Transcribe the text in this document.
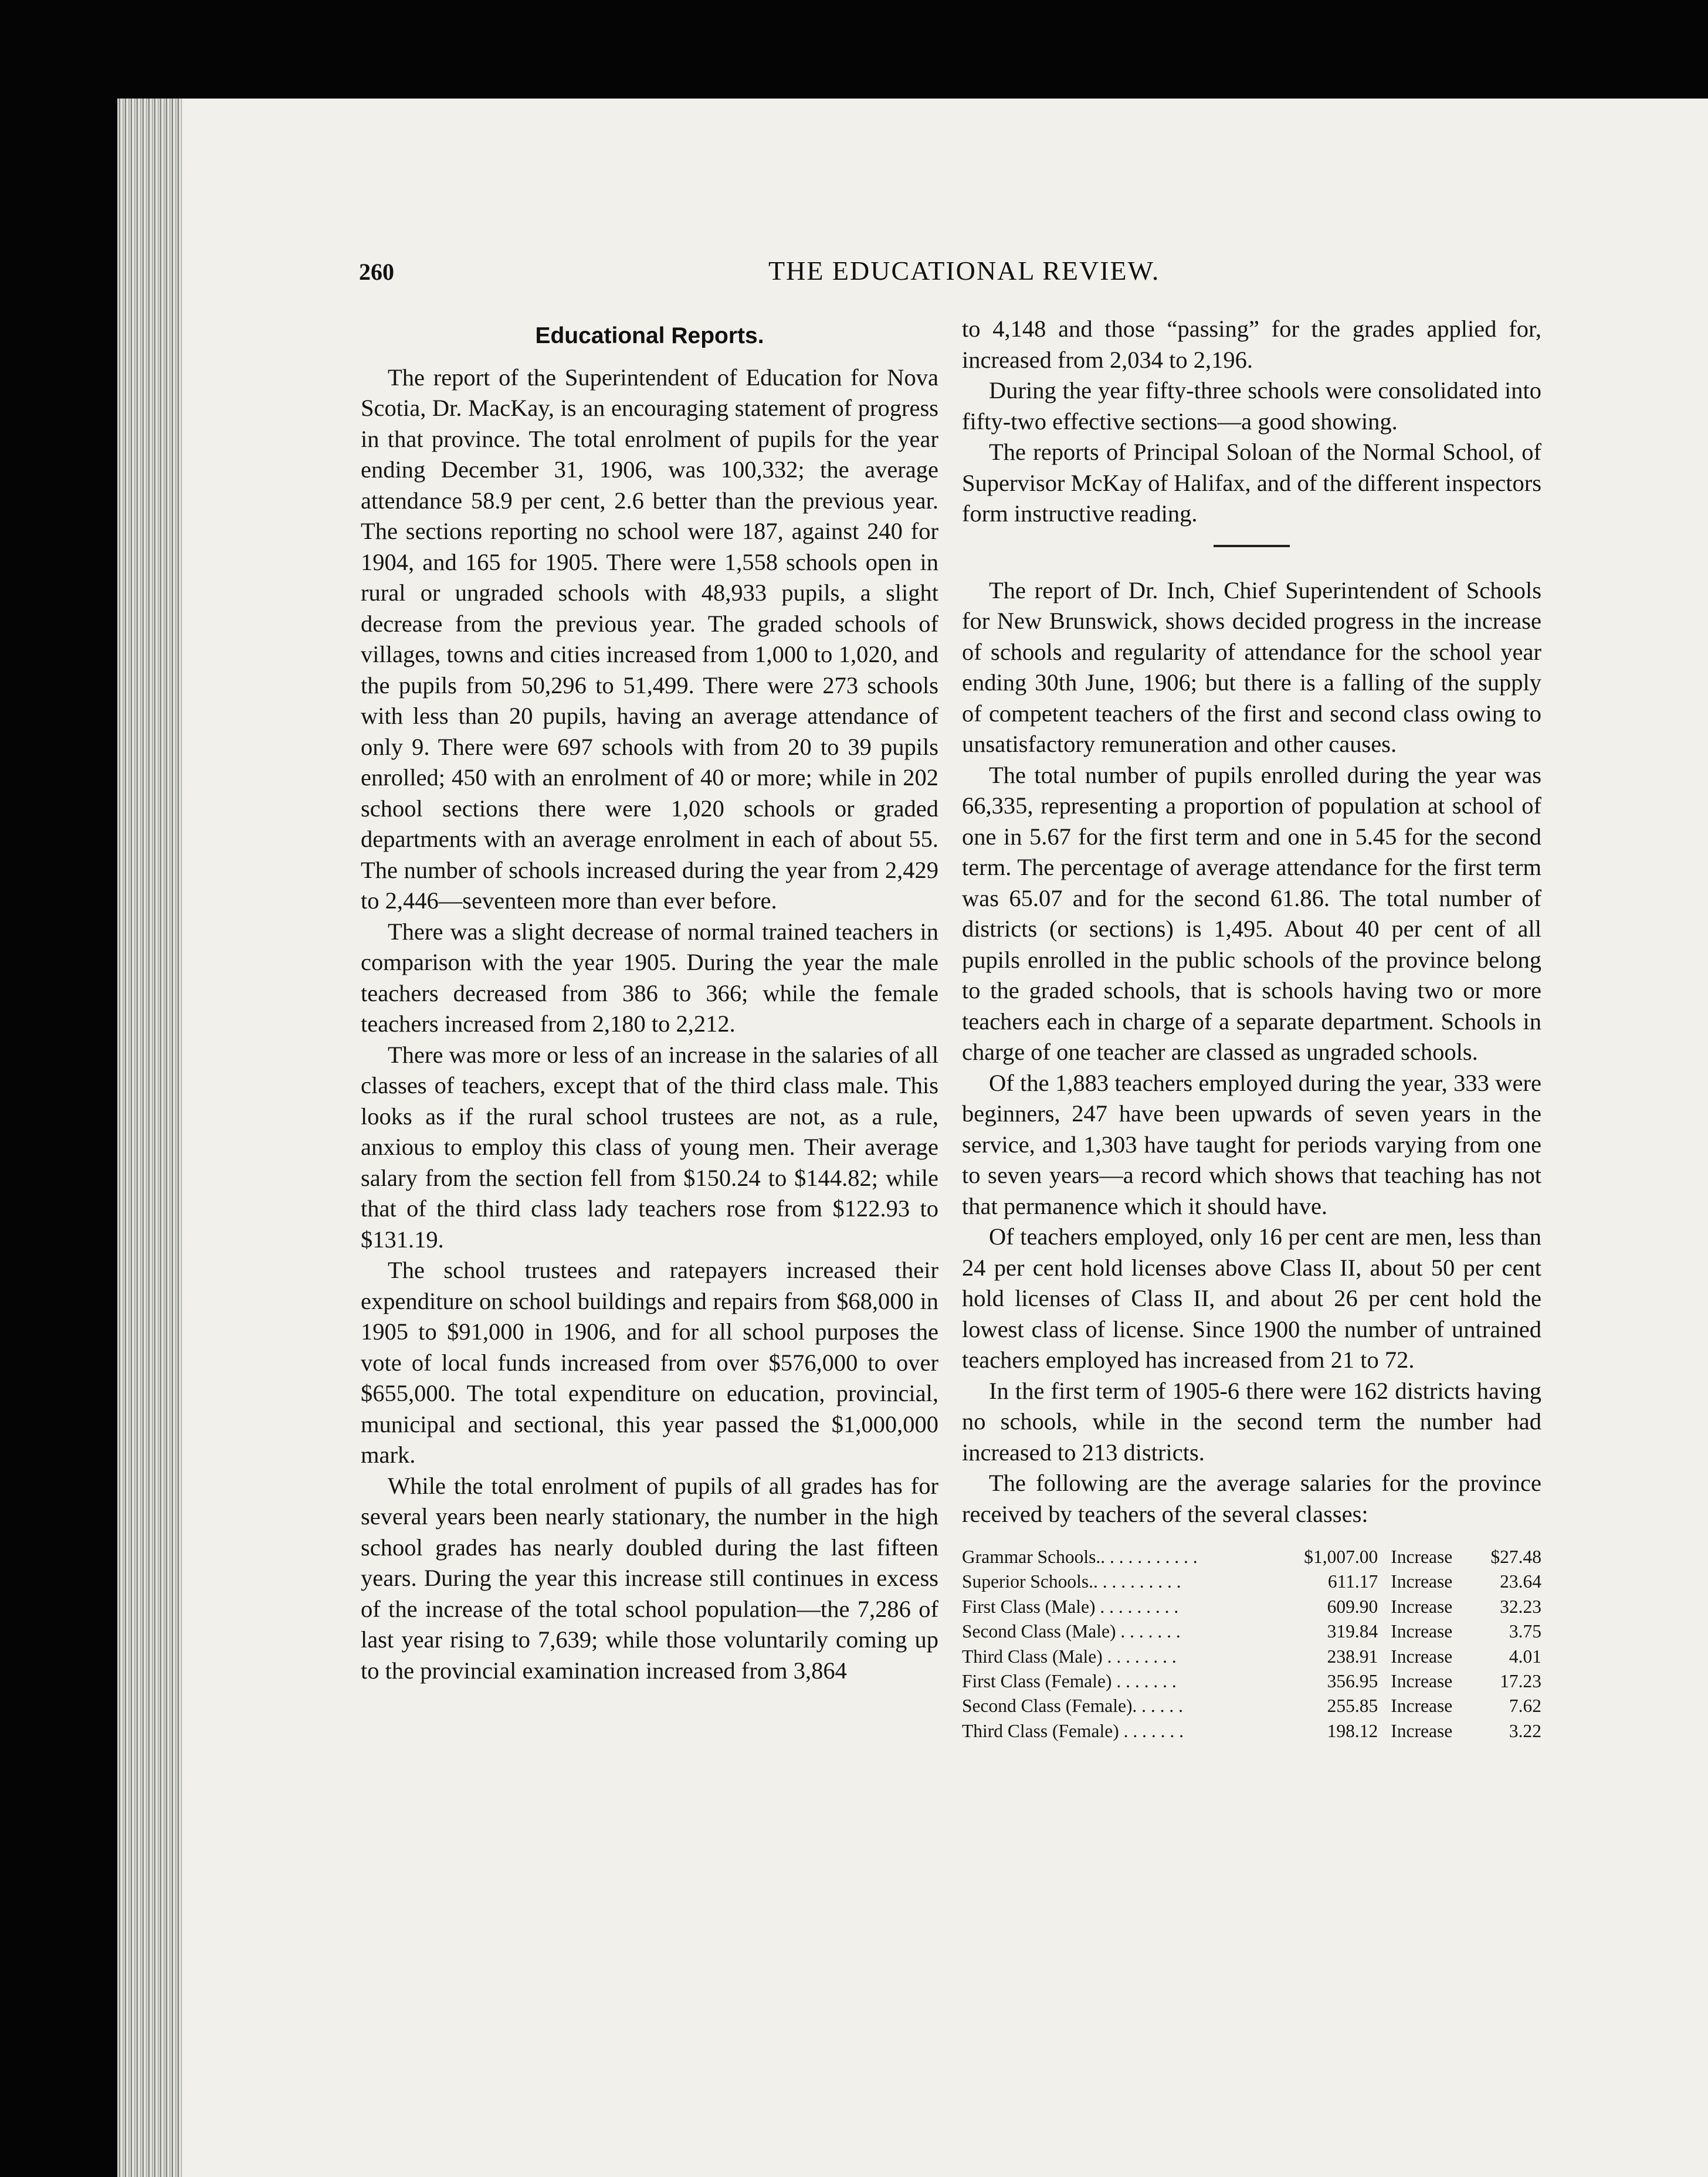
260	THE EDUCATIONAL REVIEW.
Educational Reports.

The report of the Superintendent of Education for Nova Scotia, Dr. MacKay, is an encouraging statement of progress in that province. The total enrolment of pupils for the year ending December 31, 1906, was 100,332; the average attendance 58.9 per cent, 2.6 better than the previous year. The sections reporting no school were 187, against 240 for 1904, and 165 for 1905. There were 1,558 schools open in rural or ungraded schools with 48,933 pupils, a slight decrease from the previous year. The graded schools of villages, towns and cities increased from 1,000 to 1,020, and the pupils from 50,296 to 51,499. There were 273 schools with less than 20 pupils, having an average attendance of only 9. There were 697 schools with from 20 to 39 pupils enrolled; 450 with an enrolment of 40 or more; while in 202 school sections there were 1,020 schools or graded departments with an average enrolment in each of about 55. The number of schools increased during the year from 2,429 to 2,446—seventeen more than ever before.

There was a slight decrease of normal trained teachers in comparison with the year 1905. During the year the male teachers decreased from 386 to 366; while the female teachers increased from 2,180 to 2,212.

There was more or less of an increase in the salaries of all classes of teachers, except that of the third class male. This looks as if the rural school trustees are not, as a rule, anxious to employ this class of young men. Their average salary from the section fell from $150.24 to $144.82; while that of the third class lady teachers rose from $122.93 to $131.19.

The school trustees and ratepayers increased their expenditure on school buildings and repairs from $68,000 in 1905 to $91,000 in 1906, and for all school purposes the vote of local funds increased from over $576,000 to over $655,000. The total expenditure on education, provincial, municipal and sectional, this year passed the $1,000,000 mark.

While the total enrolment of pupils of all grades has for several years been nearly stationary, the number in the high school grades has nearly doubled during the last fifteen years. During the year this increase still continues in excess of the increase of the total school population—the 7,286 of last year rising to 7,639; while those voluntarily coming up to the provincial examination increased from 3,864

to 4,148 and those “passing” for the grades applied for, increased from 2,034 to 2,196.

During the year fifty-three schools were consolidated into fifty-two effective sections—a good showing.

The reports of Principal Soloan of the Normal School, of Supervisor McKay of Halifax, and of the different inspectors form instructive reading.

The report of Dr. Inch, Chief Superintendent of Schools for New Brunswick, shows decided progress in the increase of schools and regularity of attendance for the school year ending 30th June, 1906; but there is a falling of the supply of competent teachers of the first and second class owing to unsatisfactory remuneration and other causes.

The total number of pupils enrolled during the year was 66,335, representing a proportion of population at school of one in 5.67 for the first term and one in 5.45 for the second term. The percentage of average attendance for the first term was 65.07 and for the second 61.86. The total number of districts (or sections) is 1,495. About 40 per cent of all pupils enrolled in the public schools of the province belong to the graded schools, that is schools having two or more teachers each in charge of a separate department. Schools in charge of one teacher are classed as ungraded schools.

Of the 1,883 teachers employed during the year, 333 were beginners, 247 have been upwards of seven years in the service, and 1,303 have taught for periods varying from one to seven years—a record which shows that teaching has not that permanence which it should have.

Of teachers employed, only 16 per cent are men, less than 24 per cent hold licenses above Class II, about 50 per cent hold licenses of Class II, and about 26 per cent hold the lowest class of license. Since 1900 the number of untrained teachers employed has increased from 21 to 72.

In the first term of 1905-6 there were 162 districts having no schools, while in the second term the number had increased to 213 districts.

The following are the average salaries for the province received by teachers of the several classes:

Grammar Schools.. . . . . . . . . . .	$1,007.00	Increase	$27.48
Superior Schools.. . . . . . . . . .	611.17	Increase	23.64
First Class (Male) . . . . . . . . .	609.90	Increase	32.23
Second Class (Male) . . . . . . .	319.84	Increase	3.75
Third Class (Male) . . . . . . . .	238.91	Increase	4.01
First Class (Female) . . . . . . .	356.95	Increase	17.23
Second Class (Female). . . . . .	255.85	Increase	7.62
Third Class (Female) . . . . . . .	198.12	Increase	3.22
